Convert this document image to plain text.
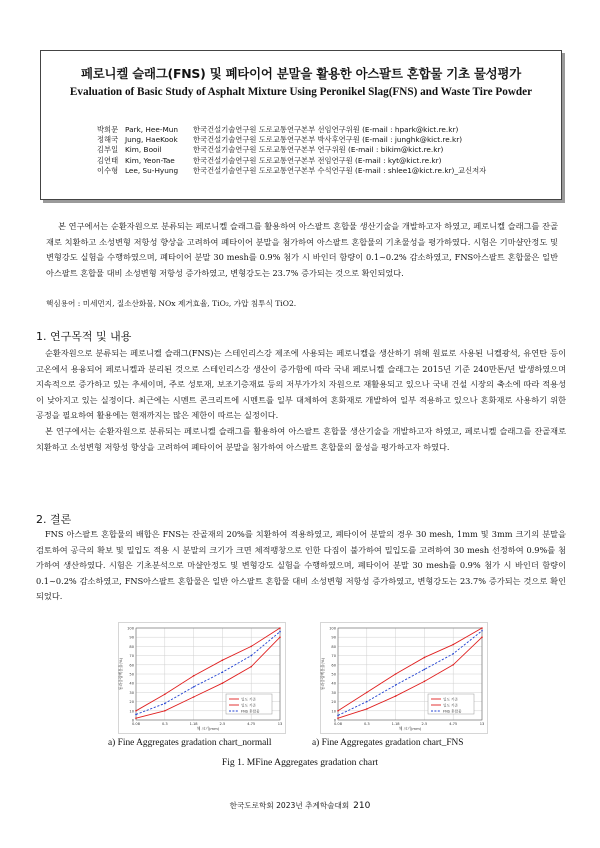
페로니켈 슬래그(FNS) 및 폐타이어 분말을 활용한 아스팔트 혼합물 기초 물성평가
Evaluation of Basic Study of Asphalt Mixture Using Peronikel Slag(FNS) and Waste Tire Powder
박희문 Park, Hee-Mun	한국건설기술연구원 도로교통연구본부 선임연구위원 (E-mail : hpark@kict.re.kr)
정해국 Jung, HaeKook	한국건설기술연구원 도로교통연구본부 박사후연구원 (E-mail : junghk@kict.re.kr)
김부일 Kim, Booil	한국건설기술연구원 도로교통연구본부 연구위원 (E-mail : bikim@kict.re.kr)
김연태 Kim, Yeon-Tae	한국건설기술연구원 도로교통연구본부 전임연구원 (E-mail : kyt@kict.re.kr)
이수형 Lee, Su-Hyung	한국건설기술연구원 도로교통연구본부 수석연구원 (E-mail : shlee1@kict.re.kr)_교신저자

본 연구에서는 순환자원으로 분류되는 페로니켈 슬래그를 활용하여 아스팔트 혼합물 생산기술을 개발하고자 하였고, 페로니켈 슬래그를 잔골재로 치환하고 소성변형 저항성 향상을 고려하여 폐타이어 분말을 첨가하여 아스팔트 혼합물의 기초물성을 평가하였다. 시험은 기마샬안정도 및 변형강도 실험을 수행하였으며, 폐타이어 분말 30 mesh를 0.9% 첨가 시 바인더 함량이 0.1~0.2% 감소하였고, FNS아스팔트 혼합물은 일반 아스팔트 혼합물 대비 소성변형 저항성 증가하였고, 변형강도는 23.7% 증가되는 것으로 확인되었다.

핵심용어 : 미세먼지, 질소산화물, NOx 제거효율, TiO₂, 가압 침투식 TiO2.
1. 연구목적 및 내용

순환자원으로 분류되는 페로니켈 슬래그(FNS)는 스테인리스강 제조에 사용되는 페로니켈을 생산하기 위해 원료로 사용된 니켈광석, 유연탄 등이 고온에서 용융되어 페로니켈과 분리된 것으로 스테인리스강 생산이 증가함에 따라 국내 페로니켈 슬래그는 2015년 기준 240만톤/년 발생하였으며 지속적으로 증가하고 있는 추세이며, 주로 성토재, 보조기층재료 등의 저부가가치 자원으로 재활용되고 있으나 국내 건설 시장의 축소에 따라 적용성이 낮아지고 있는 실정이다. 최근에는 시멘트 콘크리트에 시멘트를 일부 대체하여 혼화재로 개발하여 일부 적용하고 있으나 혼화재로 사용하기 위한 공정을 필요하여 활용에는 현재까지는 많은 제한이 따르는 실정이다.

본 연구에서는 순환자원으로 분류되는 페로니켈 슬래그를 활용하여 아스팔트 혼합물 생산기술을 개발하고자 하였고, 페로니켈 슬래그를 잔골재로 치환하고 소성변형 저항성 향상을 고려하여 폐타이어 분말을 첨가하여 아스팔트 혼합물의 물성을 평가하고자 하였다.

2. 결론

FNS 아스팔트 혼합물의 배합은 FNS는 잔골재의 20%를 치환하여 적용하였고, 폐타이어 분말의 경우 30 mesh, 1mm 및 3mm 크기의 분말을 검토하여 공극의 확보 및 밀입도 적용 시 분말의 크기가 크면 체적팽창으로 인한 다짐이 불가하여 밀입도를 고려하여 30 mesh 선정하여 0.9%를 첨가하여 생산하였다. 시험은 기초분석으로 마샬안정도 및 변형강도 실험을 수행하였으며, 폐타이어 분말 30 mesh를 0.9% 첨가 시 바인더 함량이 0.1~0.2% 감소하였고, FNS아스팔트 혼합물은 일반 아스팔트 혼합물 대비 소성변형 저항성 증가하였고, 변형강도는 23.7% 증가되는 것으로 확인되었다.

0
10
20
30
40
50
60
70
80
90
100
0.08	0.3	1.18	2.5	4.75	13
체 크기(mm)
통과중량백분율(%)
입도 기준
입도 기준
FNS 혼합물
0
10
20
30
40
50
60
70
80
90
100
0.08	0.3	1.18	2.5	4.75	13
체 크기(mm)
통과중량백분율(%)
입도 기준
입도 기준
FNS 혼합물
a) Fine Aggregates gradation chart_normall	a) Fine Aggregates gradation chart_FNS
Fig 1. MFine Aggregates gradation chart
한국도로학회 2023년 추계학술대회 210
